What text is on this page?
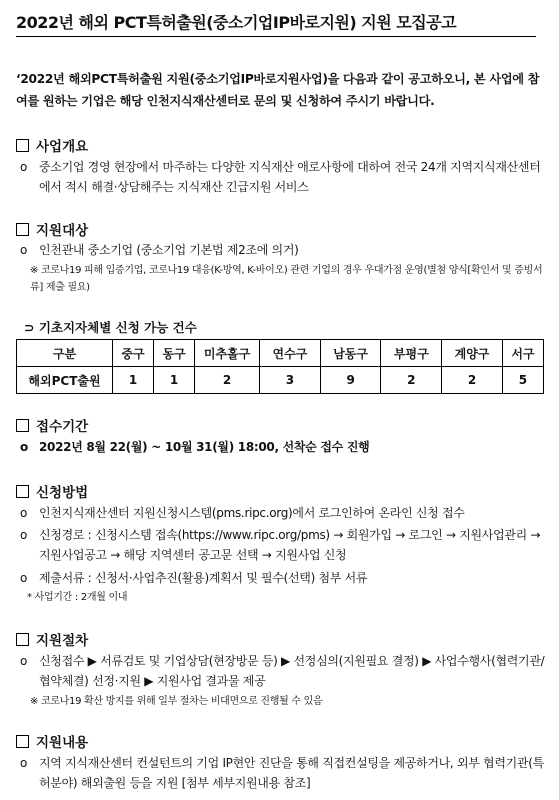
2022년 해외 PCT특허출원(중소기업IP바로지원) 지원 모집공고
‘2022년 해외PCT특허출원 지원(중소기업IP바로지원사업)을 다음과 같이 공고하오니, 본 사업에 참여를 원하는 기업은 해당 인천지식재산센터로 문의 및 신청하여 주시기 바랍니다.
사업개요
o 중소기업 경영 현장에서 마주하는 다양한 지식재산 애로사항에 대하여 전국 24개 지역지식재산센터에서 적시 해결·상담해주는 지식재산 긴급지원 서비스
지원대상
o 인천관내 중소기업 (중소기업 기본법 제2조에 의거)
※ 코로나19 피해 입증기업, 코로나19 대응(K-방역, K-바이오) 관련 기업의 경우 우대가점 운영(별첨 양식[확인서 및 증빙서류] 제출 필요)
⊃ 기초지자체별 신청 가능 건수
구분	중구	동구	미추홀구	연수구	남동구	부평구	계양구	서구
해외PCT출원	1	1	2	3	9	2	2	5
접수기간
o 2022년 8월 22(월) ~ 10월 31(월) 18:00, 선착순 접수 진행
신청방법
o 인천지식재산센터 지원신청시스템(pms.ripc.org)에서 로그인하여 온라인 신청 접수
o 신청경로 : 신청시스템 접속(https://www.ripc.org/pms) → 회원가입 → 로그인 → 지원사업관리 → 지원사업공고 → 해당 지역센터 공고문 선택 → 지원사업 신청
o 제출서류 : 신청서·사업추진(활용)계획서 및 필수(선택) 첨부 서류
* 사업기간 : 2개월 이내
지원절차
o 신청접수 ▶ 서류검토 및 기업상담(현장방문 등) ▶ 선정심의(지원필요 결정) ▶ 사업수행사(협력기관/협약체결) 선정·지원 ▶ 지원사업 결과물 제공
※ 코로나19 확산 방지를 위해 일부 절차는 비대면으로 진행될 수 있음
지원내용
o 지역 지식재산센터 컨설턴트의 기업 IP현안 진단을 통해 직접컨설팅을 제공하거나, 외부 협력기관(특허분야) 해외출원 등을 지원 [첨부 세부지원내용 참조]
